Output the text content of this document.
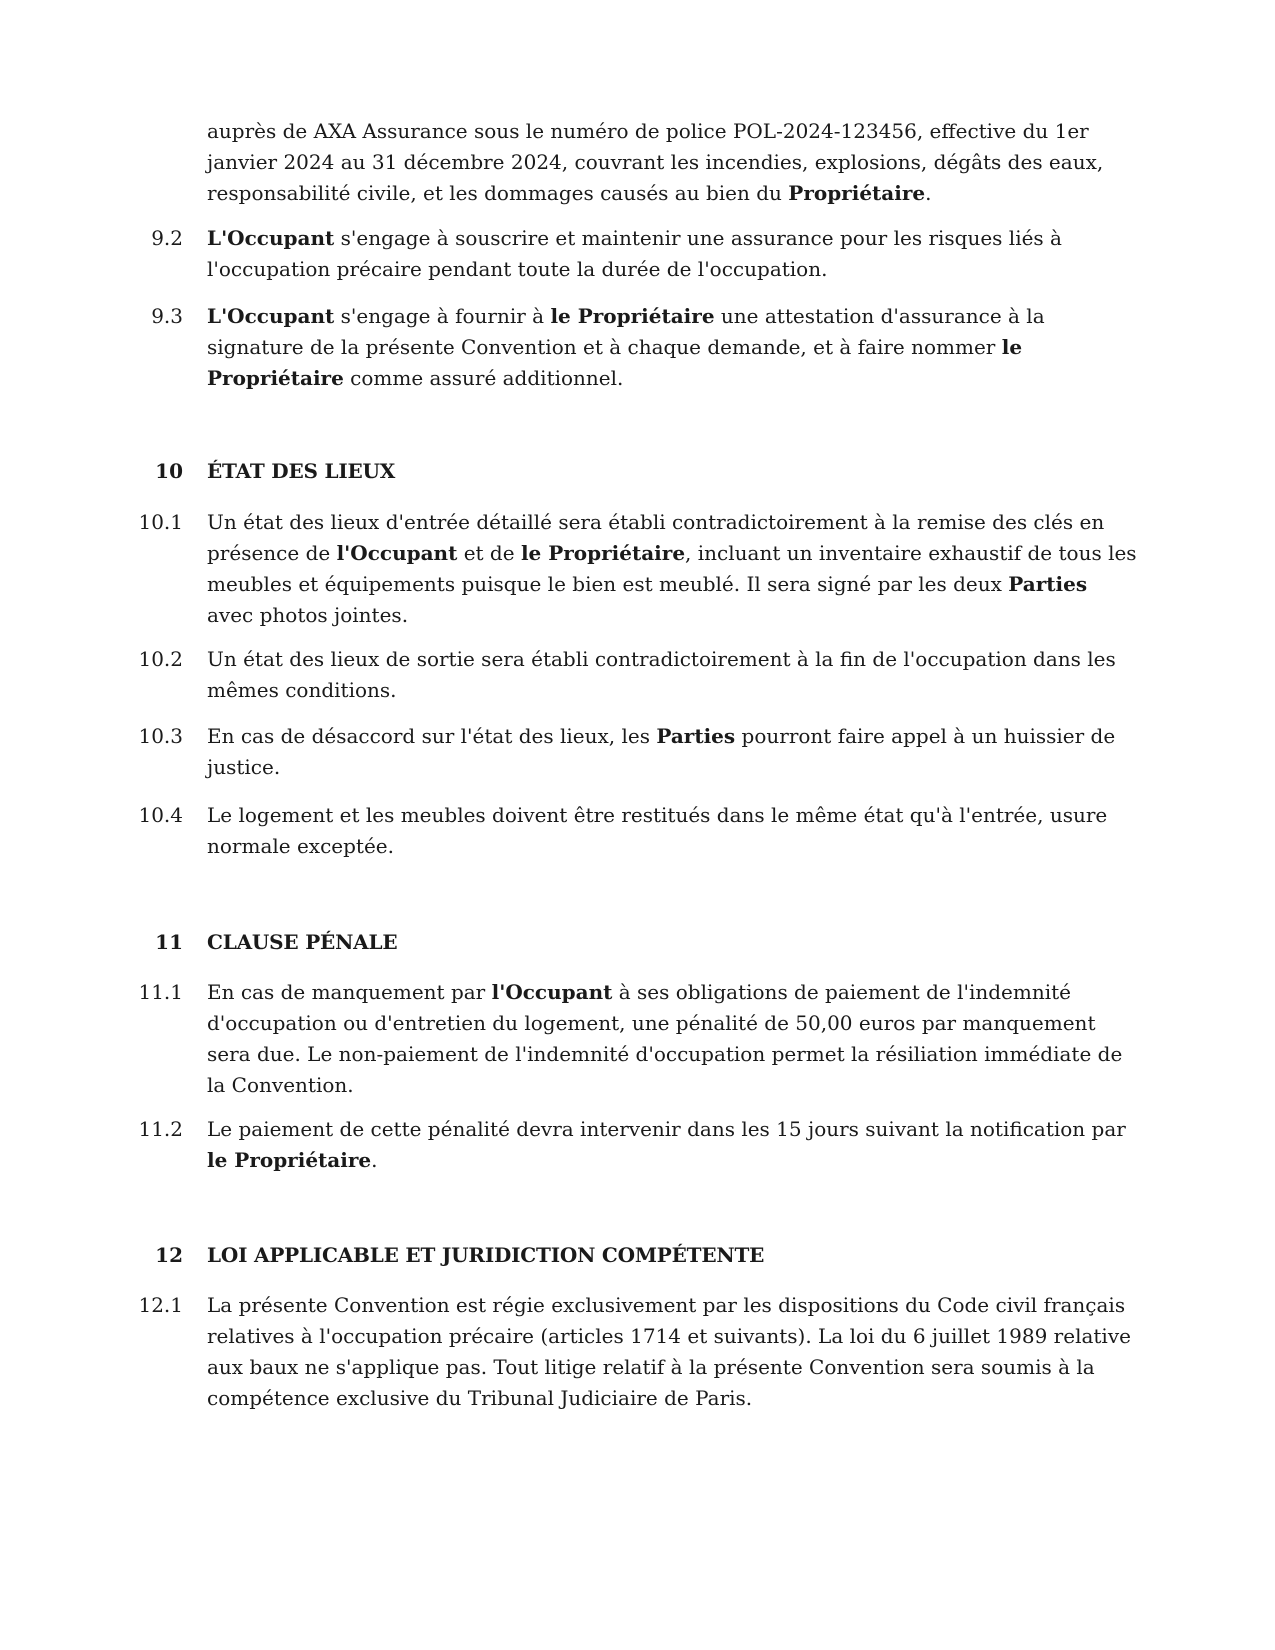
auprès de AXA Assurance sous le numéro de police POL-2024-123456, effective du 1er janvier 2024 au 31 décembre 2024, couvrant les incendies, explosions, dégâts des eaux, responsabilité civile, et les dommages causés au bien du Propriétaire.

9.2 L'Occupant s'engage à souscrire et maintenir une assurance pour les risques liés à l'occupation précaire pendant toute la durée de l'occupation.

9.3 L'Occupant s'engage à fournir à le Propriétaire une attestation d'assurance à la signature de la présente Convention et à chaque demande, et à faire nommer le Propriétaire comme assuré additionnel.

10 ÉTAT DES LIEUX

10.1 Un état des lieux d'entrée détaillé sera établi contradictoirement à la remise des clés en présence de l'Occupant et de le Propriétaire, incluant un inventaire exhaustif de tous les meubles et équipements puisque le bien est meublé. Il sera signé par les deux Parties avec photos jointes.

10.2 Un état des lieux de sortie sera établi contradictoirement à la fin de l'occupation dans les mêmes conditions.

10.3 En cas de désaccord sur l'état des lieux, les Parties pourront faire appel à un huissier de justice.

10.4 Le logement et les meubles doivent être restitués dans le même état qu'à l'entrée, usure normale exceptée.

11 CLAUSE PÉNALE

11.1 En cas de manquement par l'Occupant à ses obligations de paiement de l'indemnité d'occupation ou d'entretien du logement, une pénalité de 50,00 euros par manquement sera due. Le non-paiement de l'indemnité d'occupation permet la résiliation immédiate de la Convention.

11.2 Le paiement de cette pénalité devra intervenir dans les 15 jours suivant la notification par le Propriétaire.

12 LOI APPLICABLE ET JURIDICTION COMPÉTENTE

12.1 La présente Convention est régie exclusivement par les dispositions du Code civil français relatives à l'occupation précaire (articles 1714 et suivants). La loi du 6 juillet 1989 relative aux baux ne s'applique pas. Tout litige relatif à la présente Convention sera soumis à la compétence exclusive du Tribunal Judiciaire de Paris.
